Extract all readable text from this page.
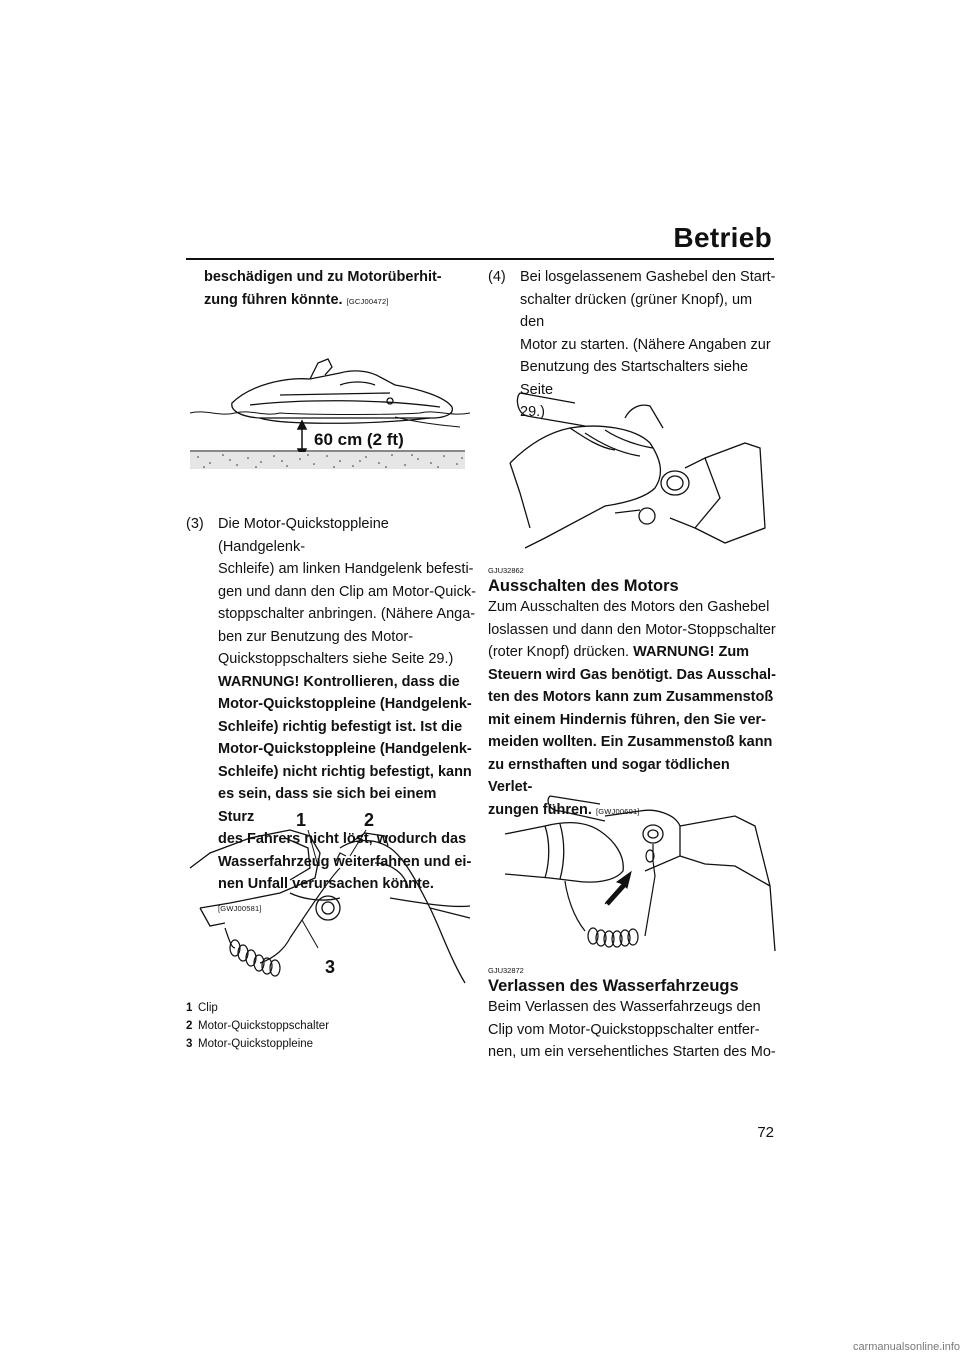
Betrieb
beschädigen und zu Motorüberhit-
zung führen könnte. [GCJ00472]
60 cm (2 ft)
(3) Die Motor-Quickstoppleine (Handgelenk-
Schleife) am linken Handgelenk befesti-
gen und dann den Clip am Motor-Quick-
stoppschalter anbringen. (Nähere Anga-
ben zur Benutzung des Motor-
Quickstoppschalters siehe Seite 29.)
WARNUNG! Kontrollieren, dass die
Motor-Quickstoppleine (Handgelenk-
Schleife) richtig befestigt ist. Ist die
Motor-Quickstoppleine (Handgelenk-
Schleife) nicht richtig befestigt, kann
es sein, dass sie sich bei einem Sturz
des Fahrers nicht löst, wodurch das
Wasserfahrzeug weiterfahren und ei-
nen Unfall verursachen könnte. [GWJ00581]
1	2
3
1 Clip
2 Motor-Quickstoppschalter
3 Motor-Quickstoppleine
(4) Bei losgelassenem Gashebel den Start-
schalter drücken (grüner Knopf), um den
Motor zu starten. (Nähere Angaben zur
Benutzung des Startschalters siehe Seite
29.)
GJU32862
Ausschalten des Motors
Zum Ausschalten des Motors den Gashebel
loslassen und dann den Motor-Stoppschalter
(roter Knopf) drücken. WARNUNG! Zum
Steuern wird Gas benötigt. Das Ausschal-
ten des Motors kann zum Zusammenstoß
mit einem Hindernis führen, den Sie ver-
meiden wollten. Ein Zusammenstoß kann
zu ernsthaften und sogar tödlichen Verlet-
zungen führen. [GWJ00601]
GJU32872
Verlassen des Wasserfahrzeugs
Beim Verlassen des Wasserfahrzeugs den
Clip vom Motor-Quickstoppschalter entfer-
nen, um ein versehentliches Starten des Mo-
72
carmanualsonline.info
